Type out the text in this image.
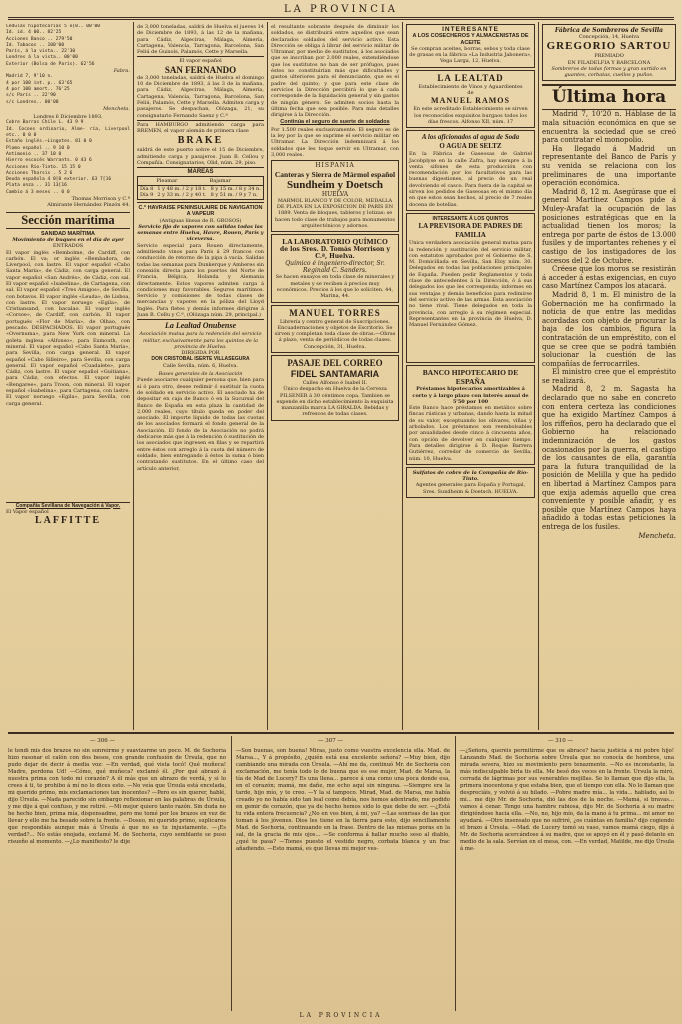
LA PROVINCIA
Cédulas hipotecarias 5 e[0.. 00'00
Id. id. 4 00.. 82'25
Acciones Banco .. 279'50
Id. Tabacos .. 100'00
París, á la vista.. 22'30
Londres á la vista.. 00'00
Exterior (Bolsa de París). 62'56
Fabra.
Madrid 7, 9'10 n.
4 por 100 int. p.. 63'65
4 por 100 amort.. 76'25
s/c París .. 22'90
s/c Londres.. 00'00
Mencheta.
Londres 6 Diciembre 1893.
Cobre Barras Chile L. 43 9 9
Id. Cocoes ordinario, Alme- ría, Liverpool etc.. 0 0 0
Estaño inglés.—Lingotes. 81 0 0
Plomo español .. 9 10 0
Antimonio .. 37 10 0
Hierro escocés Warrants. 0 43 6
Acciones Río-Tinto. 15 15 0
Acciones Tharsis . 5 2 6
Deuda española 4 0[0 exterior. 63 7[16
Plata onza .. 31 13[16
Cambio á 3 meses .. 0 0
Thomas Morrison y C.ª
Almirante Hernández Pinzón 44.
Sección marítima
SANIDAD MARÍTIMA
Movimiento de buques en el día de ayer
ENTRADOS

El vapor inglés «Bembolme, de Cardiff, con carbón. El va; or inglés «Bembadora, de Liverpool, con lastre. El vapor español «Cabo Santa María», de Cádiz, con carga general. El vapor español «San Andrés», de Cádiz, con sal. El vapor español «Isabelina», de Cartagena, con sal. El vapor español «Tres Amigos», de Sevilla, con botavos. El vapor inglés «Leuda», de Lisboa, con lastre. El vapor noruego «Egila», de Cristiansand, con bacalao. El vapor inglés «Corsoe», de Cardiff, con carbón. El vapor portugués «Flor de María», de Olhao, con pescado. DESPACHADOS. El vapor portugués «Overnuma», para New York con mineral. La goleta inglesa «Alfonso», para Exmouth, con mineral. El vapor español «Cabo Santa María», para Sevilla, con carga general. El vapor español «Cabo Silleiro», para Sevilla, con carga general. El vapor español «Cuadalete», para Cádiz, con lastre. El vapor español «Guitiana», para Cádiz, con efectos. El vapor inglés «Bengaree», para Troon, con mineral. El vapor español «Isabelina», para Cartagena, con lastre. El vapor noruego «Egila», para Sevilla, con carga general.

Compañía Sevillana de Navegación á Vapor.
El Vapor español
LAFFITTE

de 3,000 toneladas, saldrá de Huelva el jueves 14 de Diciembre de 1893, á las 12 de la mañana, para Cádiz, Algeciras, Málaga, Almería, Cartagena, Valencia, Tarragona, Barcelona, San Feliú de Guixols, Palamós, Cette y Marsella.

El vapor español
SAN FERNANDO

de 3,000 toneladas, saldrá de Huelva el domingo 10 de Diciembre de 1893, á las 3 de la mañana, para Cádiz, Algeciras, Málaga, Almería, Cartagena, Valencia, Tarragona, Barcelona, San Feliú, Palamós, Cette y Marsella. Admiten carga y pasajeros. Se despachan, Olózaga, 21, su consignatario Fernando Saenz y C.ª

Para HAMBURGO admitiendo carga para BREMEN, el vapor alemán de primera clase

BRAKE

saldrá de este puerto sobre el 15 de Diciembre, admitiendo carga y pasajeros. Juan B. Cellou y Compañía. Consignatarios, Olid, núm. 29, piso.

MAREAS
	Pleamar	Bajamar
Día 8	1 y 48 m. / 2 y 18 t.	8 y 15 m. / 8 y 34 n.
Día 9	2 y 33 m. / 2 y 40 t.	8 y 51 m. / 9 y 7 n.
C.ª HAVRAISE PENINSULAIRE DE NAVIGATION A VAPEUR
(Antiguas líneas de R. GROSOS)
Servicio fijo de vapores con salidas todas las semanas entre Huelva, Havre, Rouen, París y viceversa.

Servicio especial para Rouen directamente, admitiendo vinos para París á 29 francos con conducción de retorno de la pipa á vacía. Salidas todas las semanas para Dunkerque y Amberes sin conexión directa para los puertos del Norte de Francia, Bélgica, Holanda y Alemania directamente. Estos vapores admiten carga á condiciones muy favorables. Seguros marítimos. Servicio y comisiones de todas clases de mercancías y vapores en la póliza del Lloyd Inglés. Para fletes y demás informes dirigirse á Juan B. Cellu y C.ª, (Olózaga núm. 29, principal.)

La Lealtad Onubense
Asociación mutua para la redención del servicio militar, exclusivamente para los quintos de la provincia de Huelva.
DIRIGIDA POR
DON CRISTOBAL ISERTE VILLASEGURA
Calle Sevilla, núm. 6, Huelva.
Bases generales de la Asociación

Puede asociarse cualquier persona que, bien para sí ó para otro, desee redimir ó sustituir la cuota de soldado en servicio activo. El asociado ha de depositar en caja de Banco ó en la Sucursal del Banco de España en esta plaza la cantidad de 2,000 reales, cuyo título queda en poder del asociado. El importe líquido de todas las cuotas de los asociados formará el fondo general de la Asociación. El fondo de la Asociación no podrá dedicarse más que á la redención ó sustitución de los asociados que ingresen en filas y se repartirá entre éstos con arreglo á la cuota del número de soldado, bien entregando á éstos la suma ó bien contratando sustitutos. En el último caso del artículo anterior,

el resultante sobrante después de diminuir los soldados, se distribuirá entre aquellos que sean declarados soldados del servicio activo. Esta Dirección se obliga á librar del servicio militar de Ultramar, por medio de sustitutos, á los asociados que se inscriban por 2.000 reales, extendiéndose que los sustitutos no han de ser prófugos, pues éstos no constituirían más que dificultades y gastos ulteriores para el denunciante, que es el padre del quinto; y que para este clase de servicios la Dirección percibirá lo que á cada corresponde de la liquidación general y sin gastos de ningún género. Se admiten socios basta la última fecha que sea posible. Para más detalles dirigirse á la Dirección.

Continúa el seguro de suerte de soldados

Por 1.500 reales exclusivamente. El seguro es de la ley por la que se suprime el servicio militar en Ultramar. La Dirección indemnizará á los soldados que les toque servir en Ultramar, con 3,000 reales.

HISPANIA
Canteras y Sierra de Mármol español
Sundheim y Doetsch
HUELVA
MARMOL BLANCO Y DE COLOR, MEDALLA DE PLATA EN LA EXPOSICION DE PARÍS EN 1889. Venta de bloques, tableros y lotizas: se hacen todo clase de trabajos para monumentos arquitectónicos y adornos.
LA LABORATORIO QUÍMICO
de los Sres. D. Tomás Morrison y C.ª, Huelva.
Químico é ingeniero-director, Sr. Reginald C. Sanders.
Se hacen ensayos en toda clase de minerales y metales y se reciben á precios muy económicos. Precios á los que lo soliciten. 44, Marina, 44.
MANUEL TORRES
Librería y centro general de Suscripciones. Encuadernaciones y objetos de Escritorio. Se sirven y completan toda clase de obras.—Obras á plazo, venta de periódicos de todas clases. Concepción, 31, Huelva.
PASAJE DEL CORREO
FIDEL SANTAMARIA
Calles Alfonso é Isabel II.
Único despacho en Huelva de la Cerveza PILSENER á 30 céntimos copa. Tambien se expende en dicho establecimiento la exquisita manzanilla marca LA GIRALDA. Bebidas y refrescos de todas clases.
INTERESANTE
A LOS COSECHEROS Y ALMACENISTAS DE ACEITE
Se compran aceites, borras, sebos y toda clase de grasas en la fábrica «La Industria Jabonera», Vega Larga, 12, Huelva.
LA LEALTAD
Establecimiento de Vinos y Aguardientes
de
MANUEL RAMOS
En este acreditado Establecimiento se sirven los reconocidos exquisitos burgaos todos los días frescos. Alfonso XII, núm. 17
A los aficionados al agua de Soda
O AGUA DE SELTZ
En la Fábrica de Gaseosas de Gabriel Jacobplyse en la calle Zafra, hay siempre á la venta sifones de esta producción con recomendación por los facultativos para las buenas digestiones, al precio de un real devolviendo el casco. Para fuera de la capital se sirven los pedidos de Gaseosas en el mismo día en que estos sean hechos, al precio de 7 reales docena de botellas.
INTERESANTE Á LOS QUINTOS
LA PREVISORA DE PADRES DE FAMILIA
Única verdadera asociación general mutua para la redención y sustitución del servicio militar, con estatutos aprobados por el Gobierno de S. M. Domiciliada en Sevilla, San Eloy núm. 30. Delegados en todas las poblaciones principales de España. Pueden pedir Reglamentos y toda clase de antecedentes á la Dirección, ó á sus delegados los que les corresponda; informes en sus ventajas y demás beneficios para redimirse del servicio activo de las armas. Esta asociación no tiene rival. Tiene delegados en toda la provincia, con arreglo á su régimen especial. Representantes en la provincia de Huelva, D. Manuel Fernández Gómez.
BANCO HIPOTECARIO DE ESPAÑA
Préstamos hipotecarios amortizables á corto y á largo plazo con interés anual de 5'50 por 100
Este Banco hace préstamos en metálico sobre fincas rústicas y urbanas, dando hasta la mitad de su valor, exceptuando los olivares, viñas y arbolados. Los préstamos son reembolsables por anualidades desde cinco á cincuenta años, con opción de devolver en cualquier tiempo. Para detalles dirigirse á D. Roque Barrera Gutiérrez, corredor de comercio de Sevilla, núm. 10, Huelva.
Sulfatos de cobre de la Compañía de Río-Tinto.
Agentes generales para España y Portugal, Sres. Sundheim & Doetsch. HUELVA.
Fábrica de Sombreros de Sevilla
Concepción, 14, Huelva
GREGORIO SARTOU
PREMIADO
EN FILADELFIA Y BARCELONA
Sombreros de todas formas y gran surtido en guantes, corbatas, cuellos y puños.
Última hora

Madrid 7, 10'20 n. Háblase de la mala situación económica en que se encuentra la sociedad que se creó para contratar el monopolio.

Ha llegado á Madrid un representante del Banco de París y su venida se relaciona con los preliminares de una importante operación económica.

Madrid 8, 12 m. Asegúrase que el general Martínez Campos pide á Muley-Arafat la ocupación de las posiciones estratégicas que en la actualidad tienen los moros; la entrega por parte de éstos de 13.000 fusiles y de importantes rehenes y el castigo de los instigadores de los sucesos del 2 de Octubre.

Créese que los moros se resistirán á acceder á estas exigencias, en cuyo caso Martínez Campos los atacará.

Madrid 8, 1 m. El ministro de la Gobernación me ha confirmado la noticia de que entre las medidas acordadas con objeto de procurar la baja de los cambios, figura la contratación de un empréstito, con el que se cree que se podrá también solucionar la cuestión de las compañías de ferrocarriles.

El ministro cree que el empréstito se realizará.

Madrid 8, 2 m. Sagasta ha declarado que no sabe en concreto con entera certeza las condiciones que ha exigido Martínez Campos á los riffeños, pero ha declarado que el Gobierno ha relacionado indemnización de los gastos ocasionados por la guerra, el castigo de los causantes de ella, garantía para la futura tranquilidad de la posición de Melilla y que ha pedido en libertad á Martínez Campos para que exija además aquello que crea conveniente y posible añadir, y es posible que Martínez Campos haya añadido á todas estas peticiones la entrega de los fusiles.

Mencheta.
— 306 —	— 307 —	— 310 —

le tendí mis dos brazos no sin sonreírme y suavizarme un poco. M. de Sochoria hizo rasonar el calón con dos besos, con grande confusión de Úrsula, que no pudo dejar de decir á media voz: —En verdad, qué vista tocó! Qué muñeca! Madre, perdona Ud! —Cómo, qué muñeca? exclamó él. ¿Por qué abrazó á nuestra prima con todo mi corazón? A él más que un abrazo de verdá, y si lo crees á ti, te prohibo á mí no lo dices esto. —No veía que Úrsula está encelada, mi querido primo, mis exclamaciones tan inocentes? —Pero es sin querer, hablé, dijo Úrsula. —Nada parecido sin embargo reflexionar en las palabras de Úrsula, y me dije á qué confuso, y me retiré. —Mi mejor quiero tanto razón. Sin duda no he hecho bien, prima mía, dispensadme, pero me tomé por los brazos en vez de llevar y ello me ha besado sobre la frente. —Doseo, mi querido primo, suplicaros que respondáis aunque más á Úrsula á que no es tu injustamente. —¡Es verdad?... No estás enojada, exclamé M. de Sochoria, cuyo semblante se puso risueño al momento. —¿Lo manifiesto? le dije

—Son buenas, son buena! Miras, justo como vuestra excelencia ella. Mad. de Marsa..., Y á propósito, ¿quién está esa excelente señora? —Muy bien, dijo cambiando una mirada con Úrsula. —Ahí me da, continuó Mr. de Sochoria con exclamación, me tenía todo lo de buena que es ese mujer, Mad. de Marsa, la tía de Mad de Lucery? Es una llena... parece á una como una poca donde esa, en el corazón; mamá, me dañe, me echo aquí sin ninguna. —Siempre era la tarde, hijo mío, y te creo. —Y la sí tampoco. Mirad, Mad. de Marsa, me había creado yo no había sido tan leal como debía, nos hemos adentrado, me podido en gemir de corazón, que ya de hecho hemos sido lo que debe de ser. —¿Está tu vida entera frecuencia? ¿No en vos bien, á mi, ya? —Las sonrisas de las que toman á los jóvenes. Dios les tiene en la tierra para esto, dijo sencillamente Mad. de Sochoria, continuando en la frase. Dentro de las mismas poras en la sal, de la gracia de mis ojos... —Se conforma á hallar mucho seso al diablo, ¿qué te pasa? —Tienes puesto el vestido negro, corbata blanca y un frac añadiendo. —Esto mamá, es que llevas mi mejor ves-

—¿Señora, queréis permitirme que os abrace? hacía justicia á mi pobre hijo! Lanzando Mad. de Sochoria sobre Úrsula que no conocía de hombros, una mirada severa, hizo su movimiento pero tenazmente. —No es inconstante, la más indisculpable birla tis ella. Me besó dos veces en la frente. Ursula la miró, cerrada de lágrimas por sus venerables mejillas. Se lo llaman que dijo ella, la primera inocentona y que estaba bien, que el tiempo con ella. No lo llaman que despreciáis, y volvió á su hilado. —Pobre madre mía... la vida... hablado, así lo mi... me dijo Mr. de Sochoria, dió las dos de la noche. —Mamá, si bravas... vamos á cenar. Tengo una hambre rabiosa, dijo Mr. de Sochoria á su madre dirigiéndose hacia ella. —No, no, hijo mío, da la mano á tu prima... mi amor no ayudará. —Otro insensato que no sufriré, ¿os cuántas en familia? dijo cogiendo el brazo á Úrsula. —Mad. de Lucery tomó su vaso, vamos mamá ciego, dijo á Mr. de Sochoria acercándose á su madre, que se apoyó en él y pasó delante en medio de la sala. Servían en el mesa, con. —En verdad, Matilde, me dijo Úrsula á me-

LA PROVINCIA
